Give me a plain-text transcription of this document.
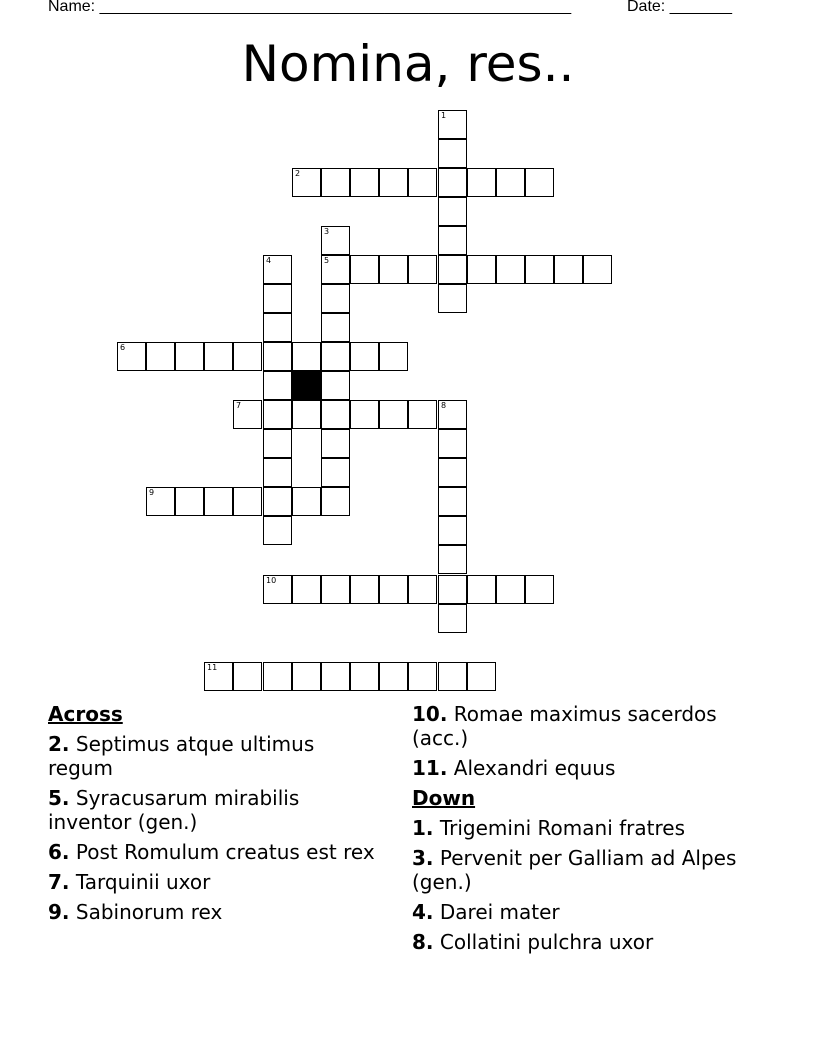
Name: _____________________________________________________	Date: _______
Nomina, res..
1
2
3
4	5
6
7	8
9
10
11
Across
2. Septimus atque ultimus regum
5. Syracusarum mirabilis inventor (gen.)
6. Post Romulum creatus est rex
7. Tarquinii uxor
9. Sabinorum rex
10. Romae maximus sacerdos (acc.)
11. Alexandri equus
Down
1. Trigemini Romani fratres
3. Pervenit per Galliam ad Alpes (gen.)
4. Darei mater
8. Collatini pulchra uxor
